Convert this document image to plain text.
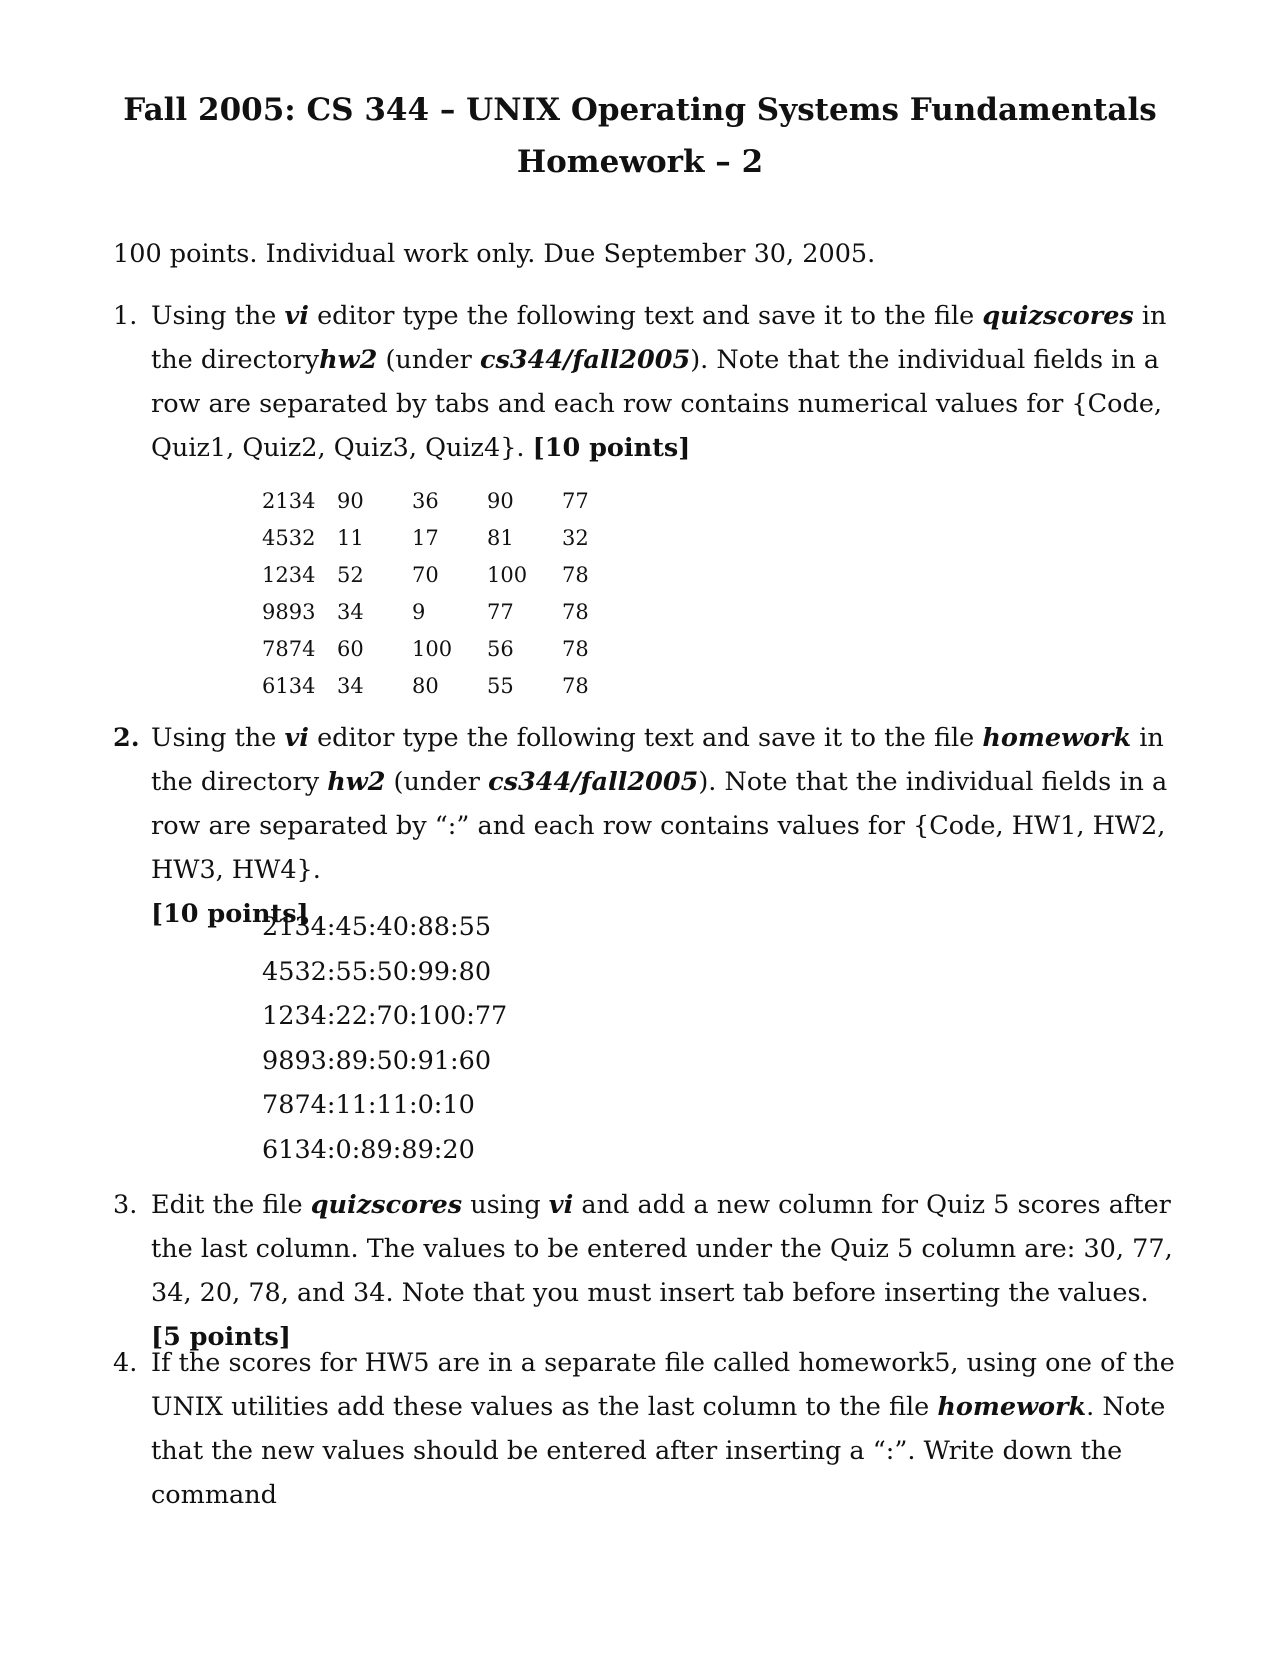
Fall 2005: CS 344 – UNIX Operating Systems Fundamentals
Homework – 2
100 points. Individual work only. Due September 30, 2005.
1. Using the vi editor type the following text and save it to the file quizscores in the directoryhw2 (under cs344/fall2005). Note that the individual fields in a row are separated by tabs and each row contains numerical values for {Code, Quiz1, Quiz2, Quiz3, Quiz4}. [10 points]
2134	90	36	90	77
4532	11	17	81	32
1234	52	70	100	78
9893	34	9	77	78
7874	60	100	56	78
6134	34	80	55	78
2. Using the vi editor type the following text and save it to the file homework in the directory hw2 (under cs344/fall2005). Note that the individual fields in a row are separated by “:” and each row contains values for {Code, HW1, HW2, HW3, HW4}.
[10 points]
2134:45:40:88:55
4532:55:50:99:80
1234:22:70:100:77
9893:89:50:91:60
7874:11:11:0:10
6134:0:89:89:20
3. Edit the file quizscores using vi and add a new column for Quiz 5 scores after the last column. The values to be entered under the Quiz 5 column are: 30, 77, 34, 20, 78, and 34. Note that you must insert tab before inserting the values. [5 points]
4. If the scores for HW5 are in a separate file called homework5, using one of the UNIX utilities add these values as the last column to the file homework. Note that the new values should be entered after inserting a “:”. Write down the command
